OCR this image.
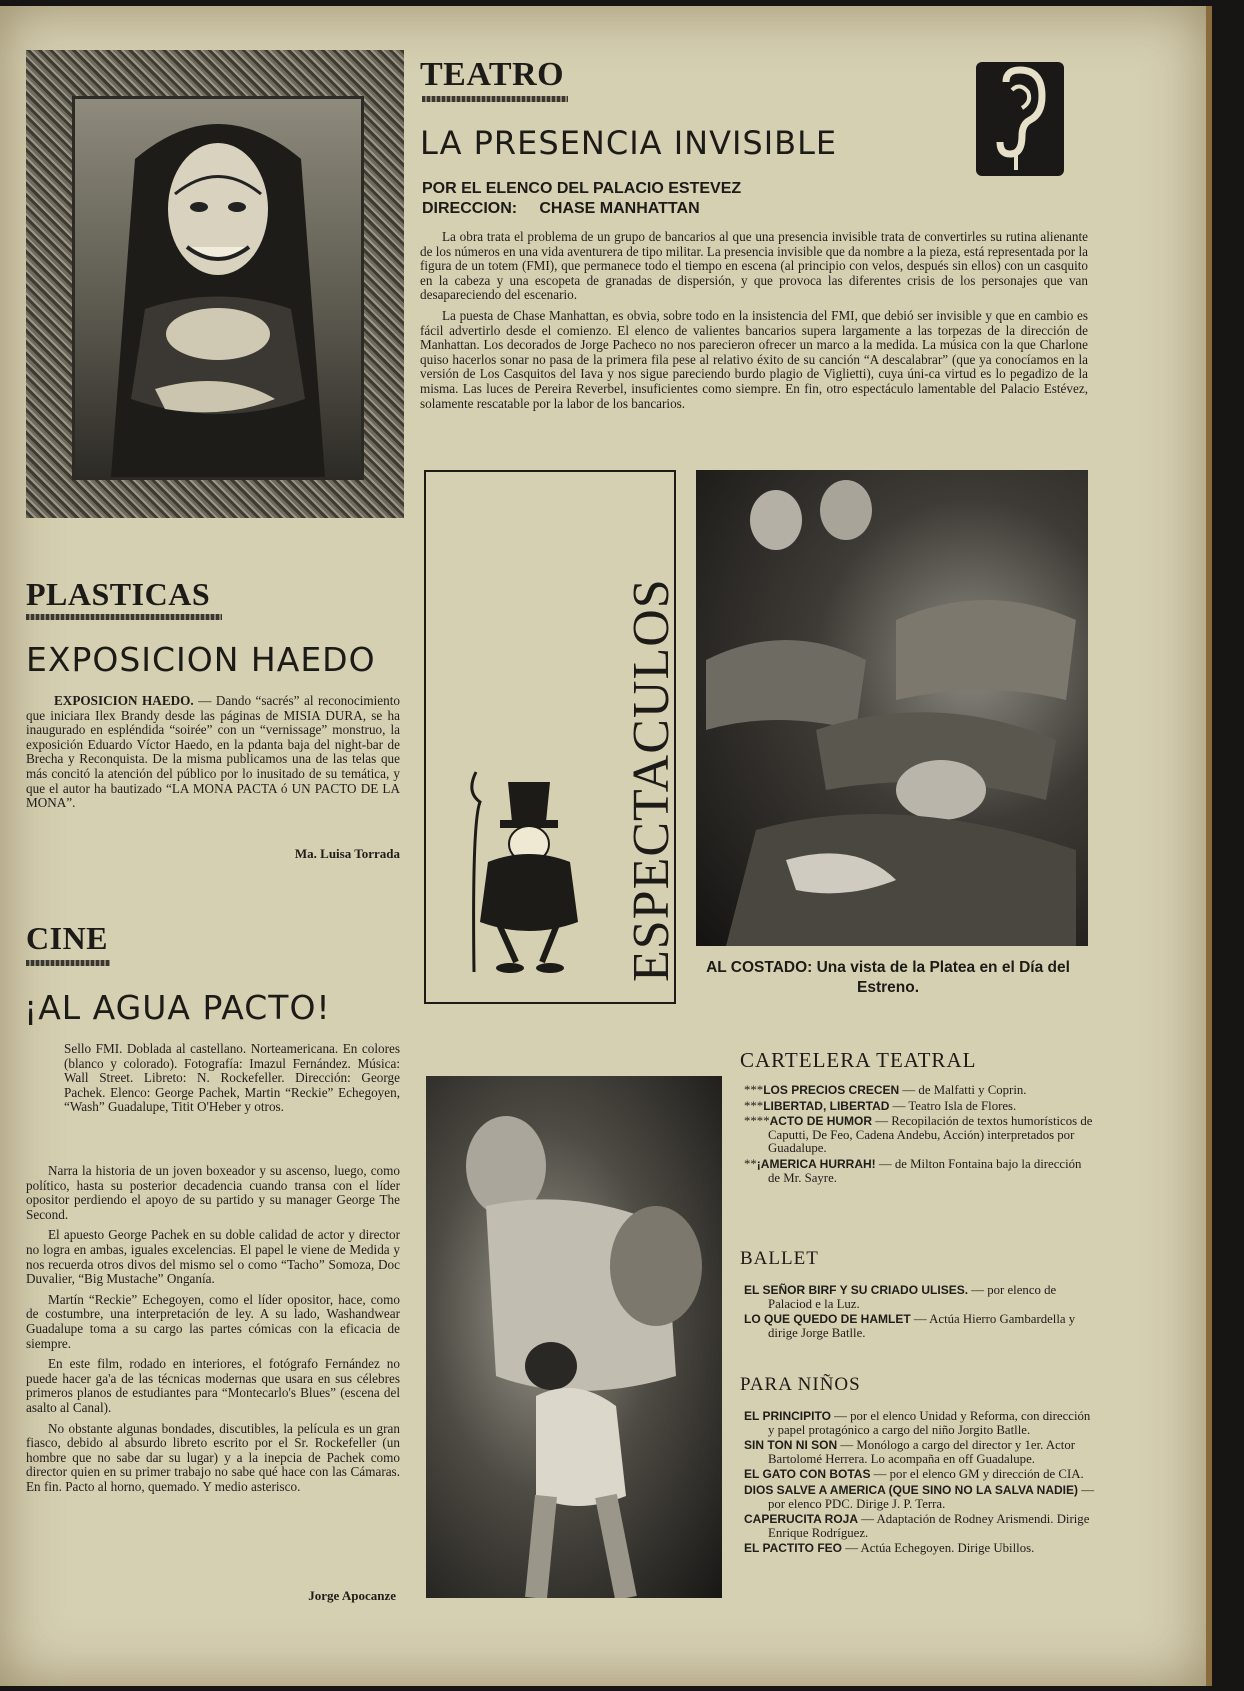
TEATRO
LA PRESENCIA INVISIBLE
POR EL ELENCO DEL PALACIO ESTEVEZ
DIRECCION:     CHASE MANHATTAN

La obra trata el problema de un grupo de bancarios al que una presencia invisible trata de convertirles su rutina alienante de los números en una vida aventurera de tipo militar. La presencia invisible que da nombre a la pieza, está representada por la figura de un totem (FMI), que permanece todo el tiempo en escena (al principio con velos, después sin ellos) con un casquito en la cabeza y una escopeta de granadas de dispersión, y que provoca las diferentes crisis de los personajes que van desapareciendo del escenario.

La puesta de Chase Manhattan, es obvia, sobre todo en la insistencia del FMI, que debió ser invisible y que en cambio es fácil advertirlo desde el comienzo. El elenco de valientes bancarios supera largamente a las torpezas de la dirección de Manhattan. Los decorados de Jorge Pacheco no nos parecieron ofrecer un marco a la medida. La música con la que Charlone quiso hacerlos sonar no pasa de la primera fila pese al relativo éxito de su canción “A descalabrar” (que ya conocíamos en la versión de Los Casquitos del Iava y nos sigue pareciendo burdo plagio de Viglietti), cuya úni-ca virtud es lo pegadizo de la misma. Las luces de Pereira Reverbel, insuficientes como siempre. En fin, otro espectáculo lamentable del Palacio Estévez, solamente rescatable por la labor de los bancarios.

ESPECTACULOS	AL COSTADO: Una vista de la Platea en el Día del Estreno.
PLASTICAS
EXPOSICION HAEDO

EXPOSICION HAEDO. — Dando “sacrés” al reconocimiento que iniciara Ilex Brandy desde las páginas de MISIA DURA, se ha inaugurado en espléndida “soirée” con un “vernissage” monstruo, la exposición Eduardo Víctor Haedo, en la pdanta baja del night-bar de Brecha y Reconquista. De la misma publicamos una de las telas que más concitó la atención del público por lo inusitado de su temática, y que el autor ha bautizado “LA MONA PACTA ó UN PACTO DE LA MONA”.

Ma. Luisa Torrada
CINE
¡AL AGUA PACTO!

Sello FMI. Doblada al castellano. Norteamericana. En colores (blanco y colorado). Fotografía: Imazul Fernández. Música: Wall Street. Libreto: N. Rockefeller. Dirección: George Pachek. Elenco: George Pachek, Martin “Reckie” Echegoyen, “Wash” Guadalupe, Titit O'Heber y otros.

Narra la historia de un joven boxeador y su ascenso, luego, como político, hasta su posterior decadencia cuando transa con el líder opositor perdiendo el apoyo de su partido y su manager George The Second.

El apuesto George Pachek en su doble calidad de actor y director no logra en ambas, iguales excelencias. El papel le viene de Medida y nos recuerda otros divos del mismo sel o como “Tacho” Somoza, Doc Duvalier, “Big Mustache” Onganía.

Martín “Reckie” Echegoyen, como el líder opositor, hace, como de costumbre, una interpretación de ley. A su lado, Washandwear Guadalupe toma a su cargo las partes cómicas con la eficacia de siempre.

En este film, rodado en interiores, el fotógrafo Fernández no puede hacer ga'a de las técnicas modernas que usara en sus célebres primeros planos de estudiantes para “Montecarlo's Blues” (escena del asalto al Canal).

No obstante algunas bondades, discutibles, la película es un gran fiasco, debido al absurdo libreto escrito por el Sr. Rockefeller (un hombre que no sabe dar su lugar) y a la inepcia de Pachek como director quien en su primer trabajo no sabe qué hace con las Cámaras. En fin. Pacto al horno, quemado. Y medio asterisco.

Jorge Apocanze
CARTELERA TEATRAL
***LOS PRECIOS CRECEN — de Malfatti y Coprin.
***LIBERTAD, LIBERTAD — Teatro Isla de Flores.
****ACTO DE HUMOR — Recopilación de textos humorísticos de Caputti, De Feo, Cadena Andebu, Acción) interpretados por Guadalupe.
**¡AMERICA HURRAH! — de Milton Fontaina bajo la dirección de Mr. Sayre.
BALLET
EL SEÑOR BIRF Y SU CRIADO ULISES. — por elenco de Palaciod e la Luz.
LO QUE QUEDO DE HAMLET — Actúa Hierro Gambardella y dirige Jorge Batlle.
PARA NIÑOS
EL PRINCIPITO — por el elenco Unidad y Reforma, con dirección y papel protagónico a cargo del niño Jorgito Batlle.
SIN TON NI SON — Monólogo a cargo del director y 1er. Actor Bartolomé Herrera. Lo acompaña en off Guadalupe.
EL GATO CON BOTAS — por el elenco GM y dirección de CIA.
DIOS SALVE A AMERICA (QUE SINO NO LA SALVA NADIE) — por elenco PDC. Dirige J. P. Terra.
CAPERUCITA ROJA — Adaptación de Rodney Arismendi. Dirige Enrique Rodríguez.
EL PACTITO FEO — Actúa Echegoyen. Dirige Ubillos.
